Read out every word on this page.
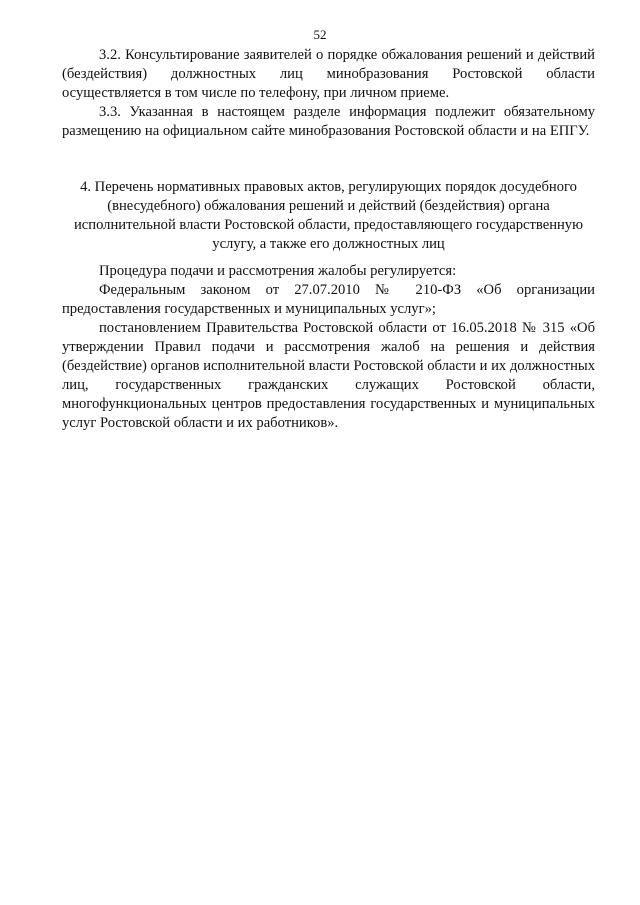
52

3.2. Консультирование заявителей о порядке обжалования решений и действий (бездействия) должностных лиц минобразования Ростовской области осуществляется в том числе по телефону, при личном приеме.

3.3. Указанная в настоящем разделе информация подлежит обязательному размещению на официальном сайте минобразования Ростовской области и на ЕПГУ.

4. Перечень нормативных правовых актов, регулирующих порядок досудебного (внесудебного) обжалования решений и действий (бездействия) органа исполнительной власти Ростовской области, предоставляющего государственную услугу, а также его должностных лиц

Процедура подачи и рассмотрения жалобы регулируется:

Федеральным законом от 27.07.2010 № 210-ФЗ «Об организации предоставления государственных и муниципальных услуг»;

постановлением Правительства Ростовской области от 16.05.2018 № 315 «Об утверждении Правил подачи и рассмотрения жалоб на решения и действия (бездействие) органов исполнительной власти Ростовской области и их должностных лиц, государственных гражданских служащих Ростовской области, многофункциональных центров предоставления государственных и муниципальных услуг Ростовской области и их работников».
